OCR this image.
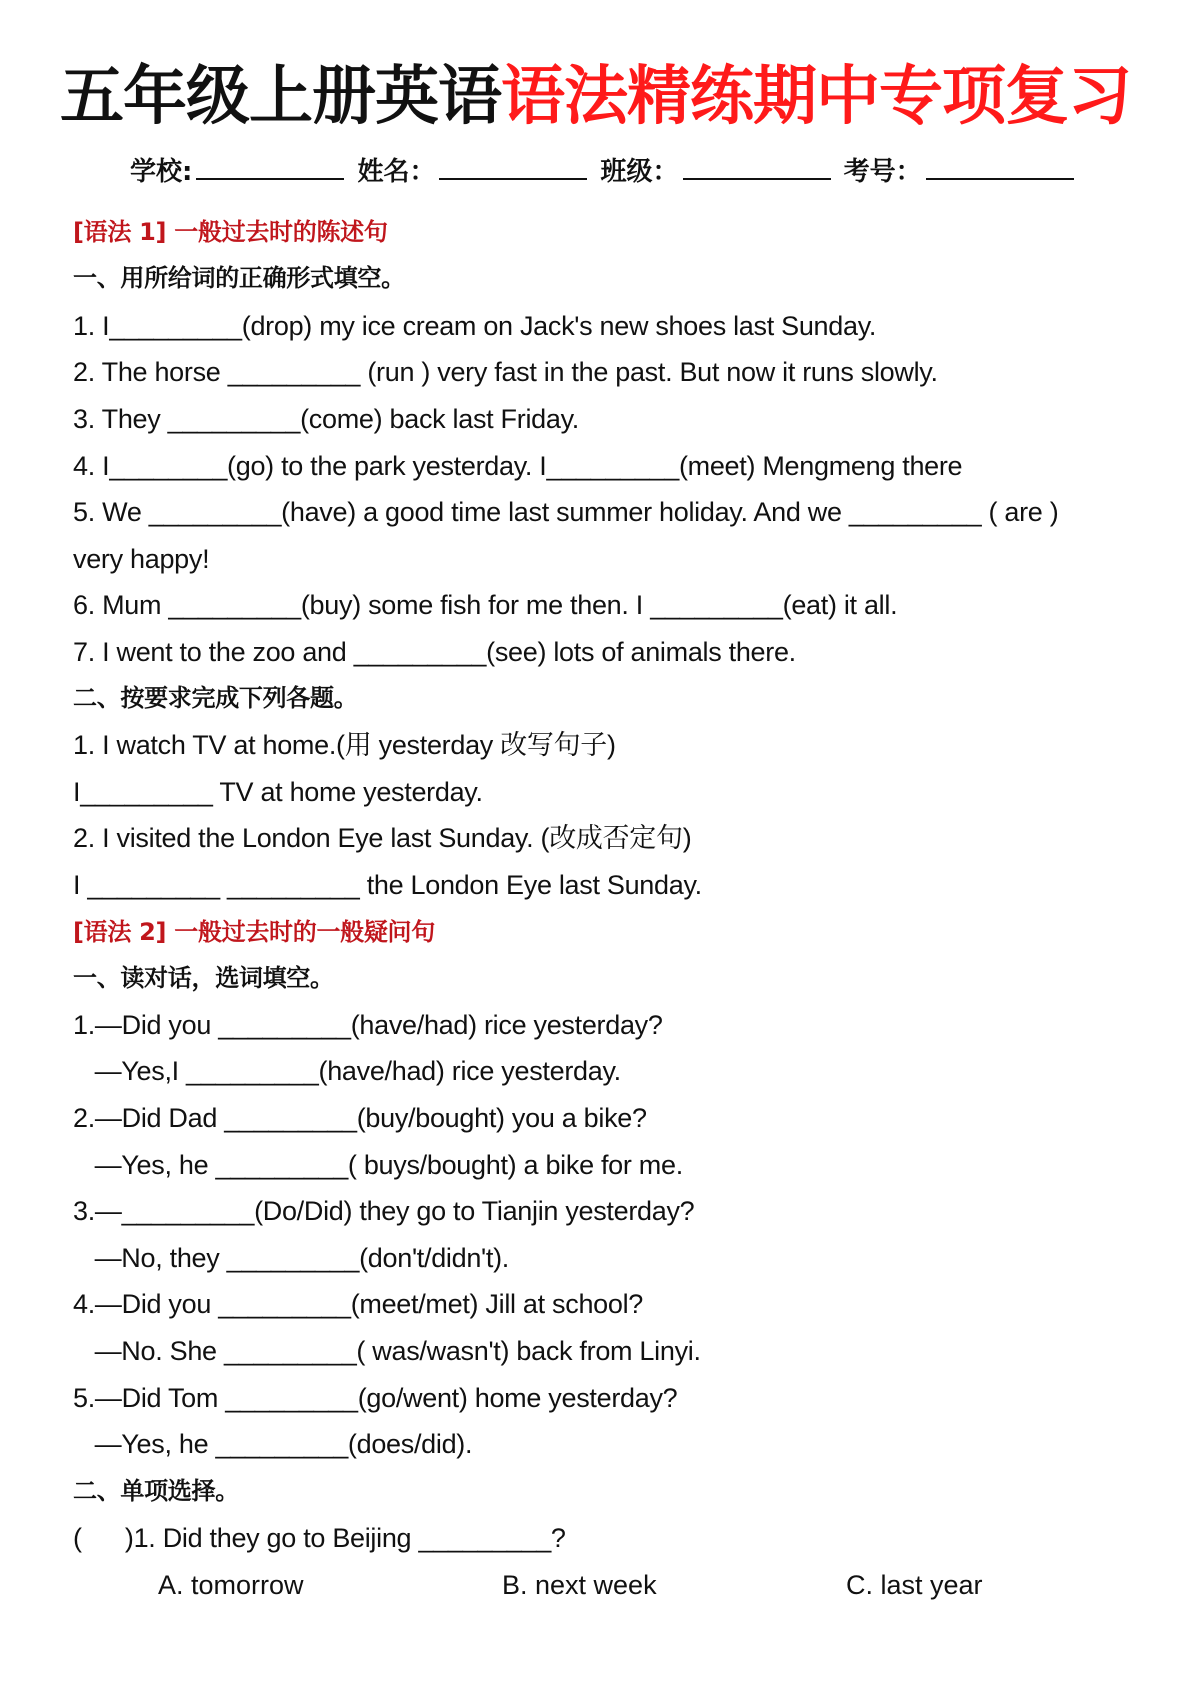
五年级上册英语语法精练期中专项复习
学校:	姓名：	班级：	考号：
[语法 1] 一般过去时的陈述句
一、用所给词的正确形式填空。
1. I_________(drop) my ice cream on Jack's new shoes last Sunday.
2. The horse _________ (run ) very fast in the past. But now it runs slowly.
3. They _________(come) back last Friday.
4. I________(go) to the park yesterday. I_________(meet) Mengmeng there
5. We _________(have) a good time last summer holiday. And we _________ ( are )
very happy!
6. Mum _________(buy) some fish for me then. I _________(eat) it all.
7. I went to the zoo and _________(see) lots of animals there.
二、按要求完成下列各题。
1. I watch TV at home.(用 yesterday 改写句子)
I_________ TV at home yesterday.
2. I visited the London Eye last Sunday. (改成否定句)
I _________ _________ the London Eye last Sunday.
[语法 2] 一般过去时的一般疑问句
一、读对话，选词填空。
1.—Did you _________(have/had) rice yesterday?
—Yes,I _________(have/had) rice yesterday.
2.—Did Dad _________(buy/bought) you a bike?
—Yes, he _________( buys/bought) a bike for me.
3.—_________(Do/Did) they go to Tianjin yesterday?
—No, they _________(don't/didn't).
4.—Did you _________(meet/met) Jill at school?
—No. She _________( was/wasn't) back from Linyi.
5.—Did Tom _________(go/went) home yesterday?
—Yes, he _________(does/did).
二、单项选择。
(      )1. Did they go to Beijing _________?
A. tomorrow	B. next week	C. last year
